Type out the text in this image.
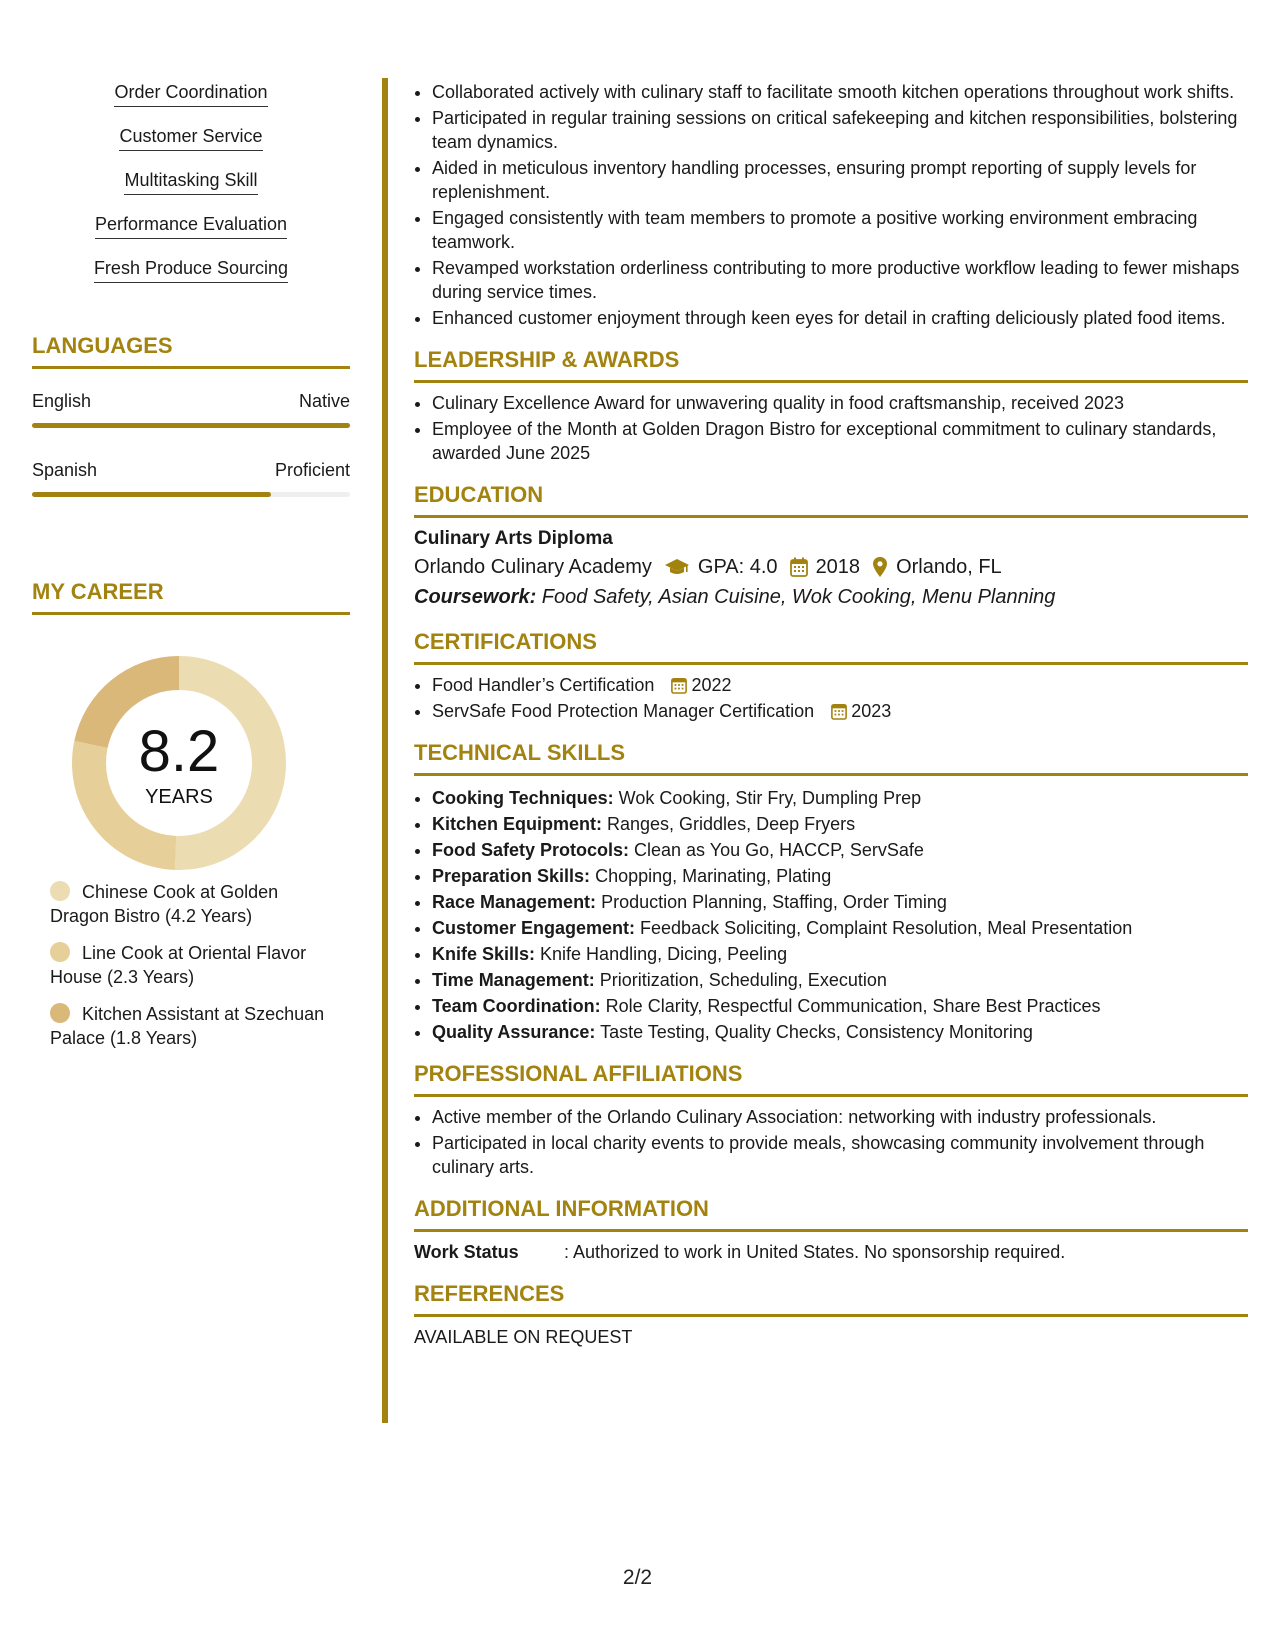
Order Coordination
Customer Service
Multitasking Skill
Performance Evaluation
Fresh Produce Sourcing
LANGUAGES
English	Native
Spanish	Proficient
MY CAREER
8.2
YEARS
Chinese Cook at Golden Dragon Bistro (4.2 Years)
Line Cook at Oriental Flavor House (2.3 Years)
Kitchen Assistant at Szechuan Palace (1.8 Years)
• Collaborated actively with culinary staff to facilitate smooth kitchen operations throughout work shifts.
• Participated in regular training sessions on critical safekeeping and kitchen responsibilities, bolstering team dynamics.
• Aided in meticulous inventory handling processes, ensuring prompt reporting of supply levels for replenishment.
• Engaged consistently with team members to promote a positive working environment embracing teamwork.
• Revamped workstation orderliness contributing to more productive workflow leading to fewer mishaps during service times.
• Enhanced customer enjoyment through keen eyes for detail in crafting deliciously plated food items.
LEADERSHIP & AWARDS
• Culinary Excellence Award for unwavering quality in food craftsmanship, received 2023
• Employee of the Month at Golden Dragon Bistro for exceptional commitment to culinary standards, awarded June 2025
EDUCATION
Culinary Arts Diploma
Orlando Culinary Academy GPA: 4.0 2018 Orlando, FL
Coursework: Food Safety, Asian Cuisine, Wok Cooking, Menu Planning
CERTIFICATIONS
• Food Handler’s Certification 2022
• ServSafe Food Protection Manager Certification 2023
TECHNICAL SKILLS
• Cooking Techniques: Wok Cooking, Stir Fry, Dumpling Prep
• Kitchen Equipment: Ranges, Griddles, Deep Fryers
• Food Safety Protocols: Clean as You Go, HACCP, ServSafe
• Preparation Skills: Chopping, Marinating, Plating
• Race Management: Production Planning, Staffing, Order Timing
• Customer Engagement: Feedback Soliciting, Complaint Resolution, Meal Presentation
• Knife Skills: Knife Handling, Dicing, Peeling
• Time Management: Prioritization, Scheduling, Execution
• Team Coordination: Role Clarity, Respectful Communication, Share Best Practices
• Quality Assurance: Taste Testing, Quality Checks, Consistency Monitoring
PROFESSIONAL AFFILIATIONS
• Active member of the Orlando Culinary Association: networking with industry professionals.
• Participated in local charity events to provide meals, showcasing community involvement through culinary arts.
ADDITIONAL INFORMATION
Work Status	: Authorized to work in United States. No sponsorship required.
REFERENCES
AVAILABLE ON REQUEST
2/2
